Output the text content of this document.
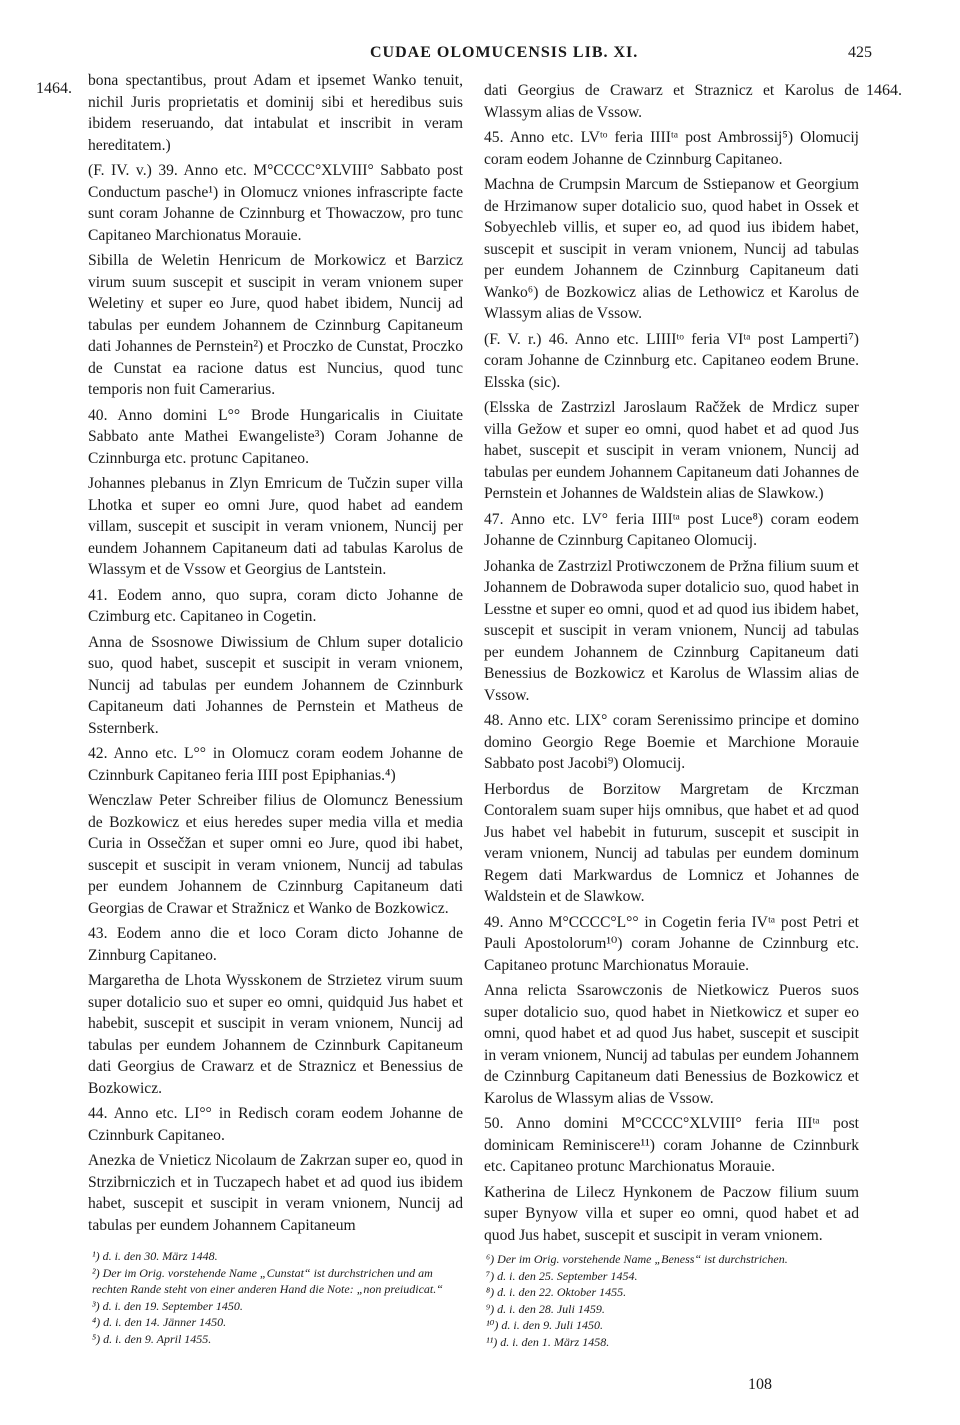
CUDAE OLOMUCENSIS LIB. XI.	425
1464.	1464.

bona spectantibus, prout Adam et ipsemet Wanko tenuit, nichil Juris proprietatis et dominij sibi et heredibus suis ibidem reseruando, dat intabulat et inscribit in veram hereditatem.)

(F. IV. v.) 39. Anno etc. M°CCCC°XLVIII° Sabbato post Conductum pasche¹) in Olomucz vniones infrascripte facte sunt coram Johanne de Czinnburg et Thowaczow, pro tunc Capitaneo Marchionatus Morauie.

Sibilla de Weletin Henricum de Morkowicz et Barzicz virum suum suscepit et suscipit in veram vnionem super Weletiny et super eo Jure, quod habet ibidem, Nuncij ad tabulas per eundem Johannem de Czinnburg Capitaneum dati Johannes de Pernstein²) et Proczko de Cunstat, Proczko de Cunstat ea racione datus est Nuncius, quod tunc temporis non fuit Camerarius.

40. Anno domini L°° Brode Hungaricalis in Ciuitate Sabbato ante Mathei Ewangeliste³) Coram Johanne de Czinnburga etc. protunc Capitaneo.

Johannes plebanus in Zlyn Emricum de Tučzin super villa Lhotka et super eo omni Jure, quod habet ad eandem villam, suscepit et suscipit in veram vnionem, Nuncij per eundem Johannem Capitaneum dati ad tabulas Karolus de Wlassym et de Vssow et Georgius de Lantstein.

41. Eodem anno, quo supra, coram dicto Johanne de Czimburg etc. Capitaneo in Cogetin.

Anna de Ssosnowe Diwissium de Chlum super dotalicio suo, quod habet, suscepit et suscipit in veram vnionem, Nuncij ad tabulas per eundem Johannem de Czinnburk Capitaneum dati Johannes de Pernstein et Matheus de Ssternberk.

42. Anno etc. L°° in Olomucz coram eodem Johanne de Czinnburk Capitaneo feria IIII post Epiphanias.⁴)

Wenczlaw Peter Schreiber filius de Olomuncz Benessium de Bozkowicz et eius heredes super media villa et media Curia in Ossečžan et super omni eo Jure, quod ibi habet, suscepit et suscipit in veram vnionem, Nuncij ad tabulas per eundem Johannem de Czinnburg Capitaneum dati Georgias de Crawar et Stražnicz et Wanko de Bozkowicz.

43. Eodem anno die et loco Coram dicto Johanne de Zinnburg Capitaneo.

Margaretha de Lhota Wysskonem de Strzietez virum suum super dotalicio suo et super eo omni, quidquid Jus habet et habebit, suscepit et suscipit in veram vnionem, Nuncij ad tabulas per eundem Johannem de Czinnburk Capitaneum dati Georgius de Crawarz et de Straznicz et Benessius de Bozkowicz.

44. Anno etc. LI°° in Redisch coram eodem Johanne de Czinnburk Capitaneo.

Anezka de Vnieticz Nicolaum de Zakrzan super eo, quod in Strzibrniczich et in Tuczapech habet et ad quod ius ibidem habet, suscepit et suscipit in veram vnionem, Nuncij ad tabulas per eundem Johannem Capitaneum

dati Georgius de Crawarz et Straznicz et Karolus de Wlassym alias de Vssow.

45. Anno etc. LVᵗᵒ feria IIIIᵗᵃ post Ambrossij⁵) Olomucij coram eodem Johanne de Czinnburg Capitaneo.

Machna de Crumpsin Marcum de Sstiepanow et Georgium de Hrzimanow super dotalicio suo, quod habet in Ossek et Sobyechleb villis, et super eo, ad quod ius ibidem habet, suscepit et suscipit in veram vnionem, Nuncij ad tabulas per eundem Johannem de Czinnburg Capitaneum dati Wanko⁶) de Bozkowicz alias de Lethowicz et Karolus de Wlassym alias de Vssow.

(F. V. r.) 46. Anno etc. LIIIIᵗᵒ feria VIᵗᵃ post Lamperti⁷) coram Johanne de Czinnburg etc. Capitaneo eodem Brune. Elsska (sic).

(Elsska de Zastrzizl Jaroslaum Račžek de Mrdicz super villa Gežow et super eo omni, quod habet et ad quod Jus habet, suscepit et suscipit in veram vnionem, Nuncij ad tabulas per eundem Johannem Capitaneum dati Johannes de Pernstein et Johannes de Waldstein alias de Slawkow.)

47. Anno etc. LV° feria IIIIᵗᵃ post Luce⁸) coram eodem Johanne de Czinnburg Capitaneo Olomucij.

Johanka de Zastrzizl Protiwczonem de Pržna filium suum et Johannem de Dobrawoda super dotalicio suo, quod habet in Lesstne et super eo omni, quod et ad quod ius ibidem habet, suscepit et suscipit in veram vnionem, Nuncij ad tabulas per eundem Johannem de Czinnburg Capitaneum dati Benessius de Bozkowicz et Karolus de Wlassim alias de Vssow.

48. Anno etc. LIX° coram Serenissimo principe et domino domino Georgio Rege Boemie et Marchione Morauie Sabbato post Jacobi⁹) Olomucij.

Herbordus de Borzitow Margretam de Krczman Contoralem suam super hijs omnibus, que habet et ad quod Jus habet vel habebit in futurum, suscepit et suscipit in veram vnionem, Nuncij ad tabulas per eundem dominum Regem dati Markwardus de Lomnicz et Johannes de Waldstein et de Slawkow.

49. Anno M°CCCC°L°° in Cogetin feria IVᵗᵃ post Petri et Pauli Apostolorum¹⁰) coram Johanne de Czinnburg etc. Capitaneo protunc Marchionatus Morauie.

Anna relicta Ssarowczonis de Nietkowicz Pueros suos super dotalicio suo, quod habet in Nietkowicz et super eo omni, quod habet et ad quod Jus habet, suscepit et suscipit in veram vnionem, Nuncij ad tabulas per eundem Johannem de Czinnburg Capitaneum dati Benessius de Bozkowicz et Karolus de Wlassym alias de Vssow.

50. Anno domini M°CCCC°XLVIII° feria IIIᵗᵃ post dominicam Reminiscere¹¹) coram Johanne de Czinnburk etc. Capitaneo protunc Marchionatus Morauie.

Katherina de Lilecz Hynkonem de Paczow filium suum super Bynyow villa et super eo omni, quod habet et ad quod Jus habet, suscepit et suscipit in veram vnionem.

¹) d. i. den 30. März 1448.

²) Der im Orig. vorstehende Name „Cunstat“ ist durchstrichen und am rechten Rande steht von einer anderen Hand die Note: „non preiudicat.“

³) d. i. den 19. September 1450.

⁴) d. i. den 14. Jänner 1450.

⁵) d. i. den 9. April 1455.

⁶) Der im Orig. vorstehende Name „Beness“ ist durchstrichen.

⁷) d. i. den 25. September 1454.

⁸) d. i. den 22. Oktober 1455.

⁹) d. i. den 28. Juli 1459.

¹⁰) d. i. den 9. Juli 1450.

¹¹) d. i. den 1. März 1458.

108
